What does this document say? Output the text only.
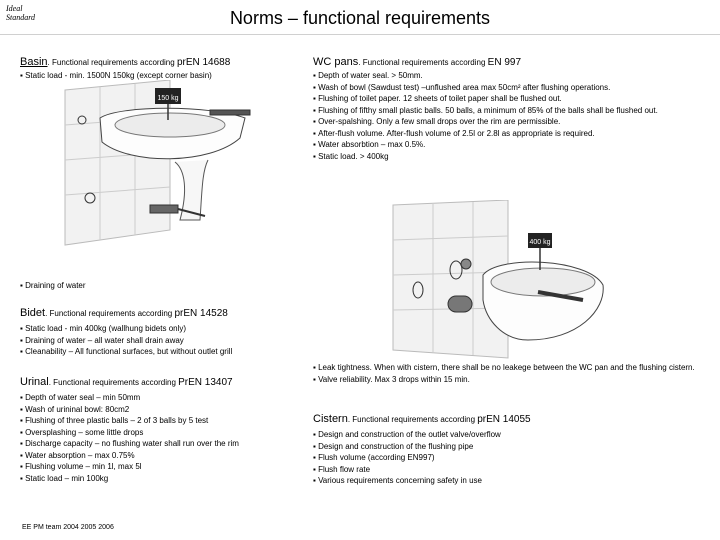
Ideal
Standard	Norms – functional requirements
Basin. Functional requirements according prEN 14688
▪ Static load - min. 1500N 150kg (except corner basin)
150 kg
▪ Draining of water
Bidet. Functional requirements according prEN 14528
▪ Static load - min 400kg (wallhung bidets only)
▪ Draining of water – all water shall drain away
▪ Cleanability – All functional surfaces, but without outlet grill
Urinal. Functional requirements according PrEN 13407
▪ Depth of water seal – min 50mm
▪ Wash of urininal bowl: 80cm2
▪ Flushing of three plastic balls – 2 of 3 balls by 5 test
▪ Oversplashing – some little drops
▪ Discharge capacity – no flushing water shall run over the rim
▪ Water absorption – max 0.75%
▪ Flushing volume – min 1l, max 5l
▪ Static load – min 100kg
WC pans. Functional requirements according EN 997
▪ Depth of water seal. > 50mm.
▪ Wash of bowl (Sawdust test) –unflushed area max 50cm² after flushing operations.
▪ Flushing of toilet paper. 12 sheets of toilet paper shall be flushed out.
▪ Flushing of fifthy small plastic balls. 50 balls, a minimum of 85% of the balls shall be flushed out.
▪ Over-spalshing. Only a few small drops over the rim are permissible.
▪ After-flush volume. After-flush volume of 2.5l or 2.8l as appropriate is required.
▪ Water absorbtion – max 0.5%.
▪ Static load. > 400kg
400 kg
▪ Leak tightness. When with cistern, there shall be no leakege between the WC pan and the flushing cistern.
▪ Valve reliability. Max 3 drops within 15 min.
Cistern. Functional requirements according prEN 14055
▪ Design and construction of the outlet valve/overflow
▪ Design and construction of the flushing pipe
▪ Flush volume (according EN997)
▪ Flush flow rate
▪ Various requirements concerning safety in use
EE PM team 2004 2005 2006
